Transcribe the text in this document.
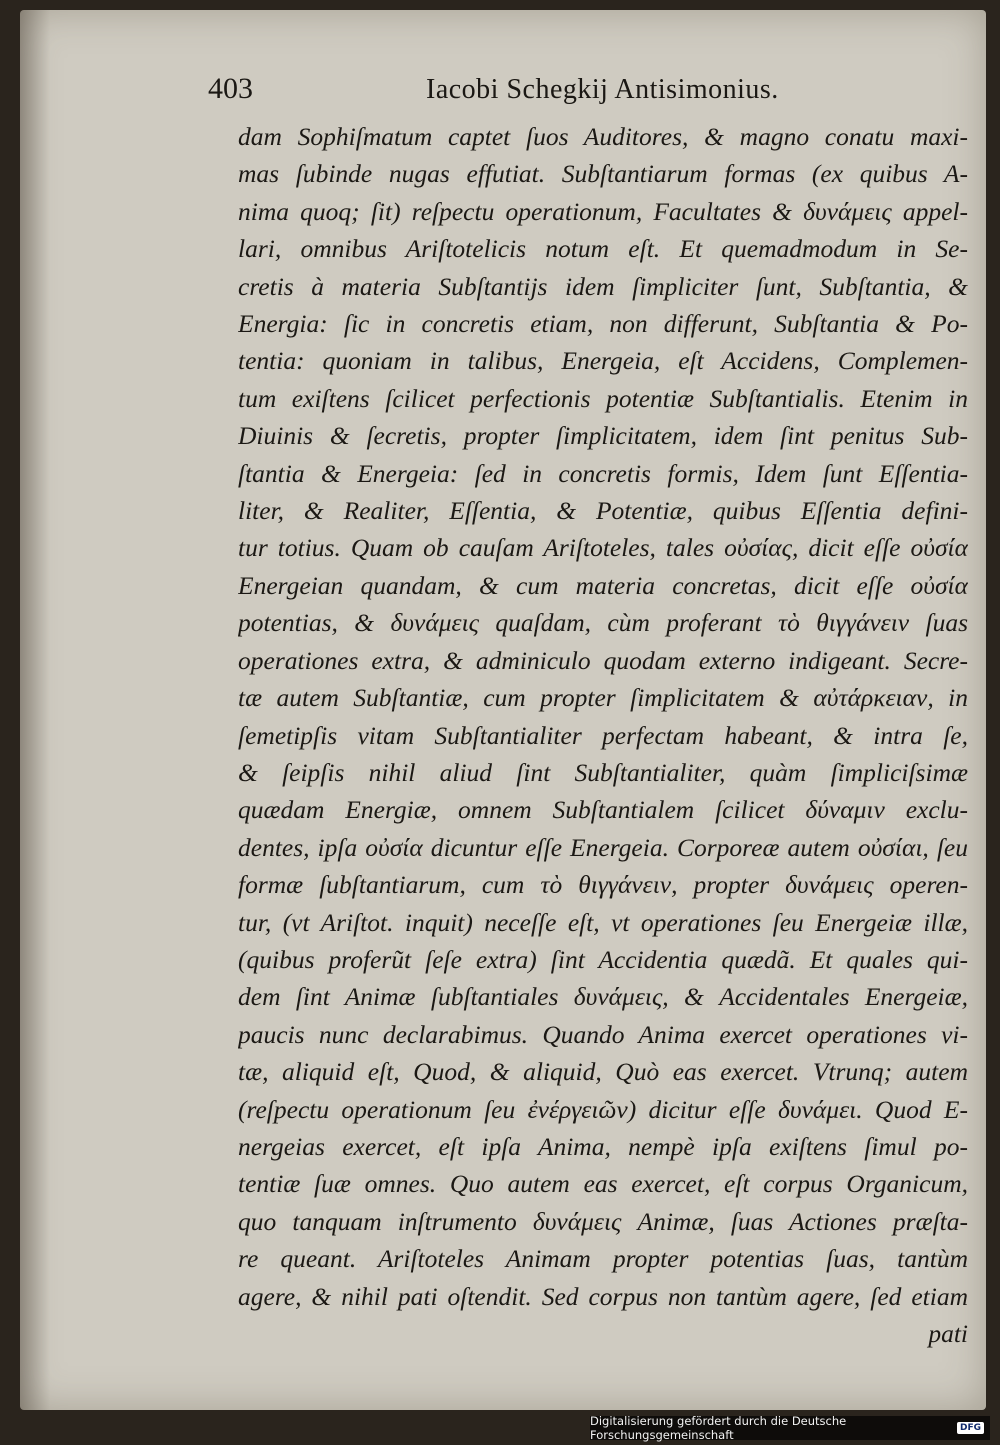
403	Iacobi Schegkij Antisimonius.
dam Sophiſmatum captet ſuos Auditores, & magno conatu maxi-
mas ſubinde nugas effutiat. Subſtantiarum formas (ex quibus A-
nima quoq; ſit) reſpectu operationum, Facultates & δυνάμεις appel-
lari, omnibus Ariſtotelicis notum eſt. Et quemadmodum in Se-
cretis à materia Subſtantijs idem ſimpliciter ſunt, Subſtantia, &
Energia: ſic in concretis etiam, non differunt, Subſtantia & Po-
tentia: quoniam in talibus, Energeia, eſt Accidens, Complemen-
tum exiſtens ſcilicet perfectionis potentiæ Subſtantialis. Etenim in
Diuinis & ſecretis, propter ſimplicitatem, idem ſint penitus Sub-
ſtantia & Energeia: ſed in concretis formis, Idem ſunt Eſſentia-
liter, & Realiter, Eſſentia, & Potentiæ, quibus Eſſentia defini-
tur totius. Quam ob cauſam Ariſtoteles, tales οὐσίας, dicit eſſe οὐσία
Energeian quandam, & cum materia concretas, dicit eſſe οὐσία
potentias, & δυνάμεις quaſdam, cùm proferant τὸ θιγγάνειν ſuas
operationes extra, & adminiculo quodam externo indigeant. Secre-
tæ autem Subſtantiæ, cum propter ſimplicitatem & αὐτάρκειαν, in
ſemetipſis vitam Subſtantialiter perfectam habeant, & intra ſe,
& ſeipſis nihil aliud ſint Subſtantialiter, quàm ſimpliciſsimæ
quædam Energiæ, omnem Subſtantialem ſcilicet δύναμιν exclu-
dentes, ipſa οὐσία dicuntur eſſe Energeia. Corporeæ autem οὐσίαι, ſeu
formæ ſubſtantiarum, cum τὸ θιγγάνειν, propter δυνάμεις operen-
tur, (vt Ariſtot. inquit) neceſſe eſt, vt operationes ſeu Energeiæ illæ,
(quibus proferũt ſeſe extra) ſint Accidentia quædã. Et quales qui-
dem ſint Animæ ſubſtantiales δυνάμεις, & Accidentales Energeiæ,
paucis nunc declarabimus. Quando Anima exercet operationes vi-
tæ, aliquid eſt, Quod, & aliquid, Quò eas exercet. Vtrunq; autem
(reſpectu operationum ſeu ἐνέργειῶν) dicitur eſſe δυνάμει. Quod E-
nergeias exercet, eſt ipſa Anima, nempè ipſa exiſtens ſimul po-
tentiæ ſuæ omnes. Quo autem eas exercet, eſt corpus Organicum,
quo tanquam inſtrumento δυνάμεις Animæ, ſuas Actiones præſta-
re queant. Ariſtoteles Animam propter potentias ſuas, tantùm
agere, & nihil pati oſtendit. Sed corpus non tantùm agere, ſed etiam
pati
Digitalisierung gefördert durch die Deutsche Forschungsgemeinschaft	DFG
